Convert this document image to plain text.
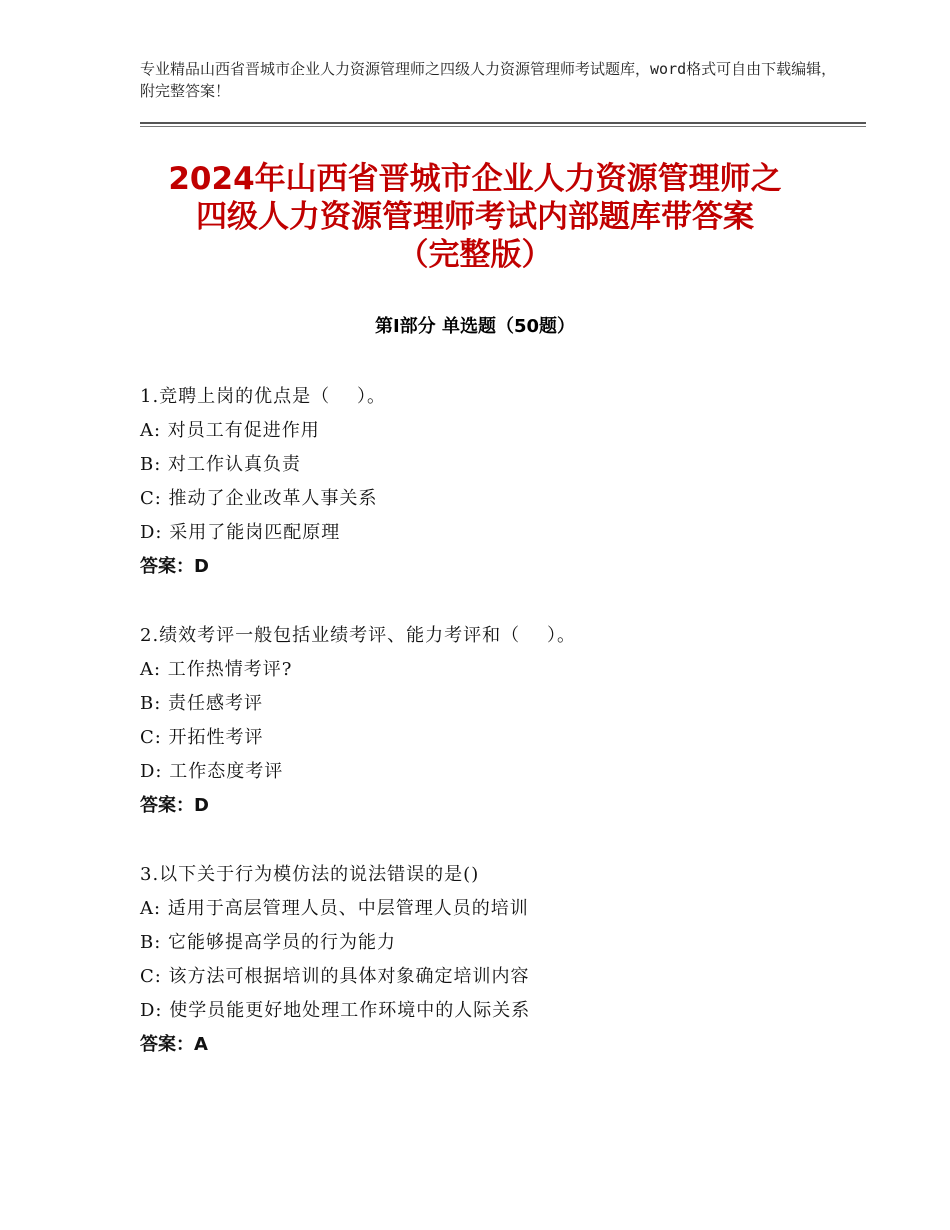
专业精品山西省晋城市企业人力资源管理师之四级人力资源管理师考试题库，word格式可自由下载编辑，附完整答案！
2024年山西省晋城市企业人力资源管理师之
四级人力资源管理师考试内部题库带答案
（完整版）
第I部分 单选题（50题）
1.竞聘上岗的优点是（    ）。
A: 对员工有促进作用
B: 对工作认真负责
C: 推动了企业改革人事关系
D: 采用了能岗匹配原理
答案：D
2.绩效考评一般包括业绩考评、能力考评和（    ）。
A: 工作热情考评?
B: 责任感考评
C: 开拓性考评
D: 工作态度考评
答案：D
3.以下关于行为模仿法的说法错误的是()
A: 适用于高层管理人员、中层管理人员的培训
B: 它能够提高学员的行为能力
C: 该方法可根据培训的具体对象确定培训内容
D: 使学员能更好地处理工作环境中的人际关系
答案：A
